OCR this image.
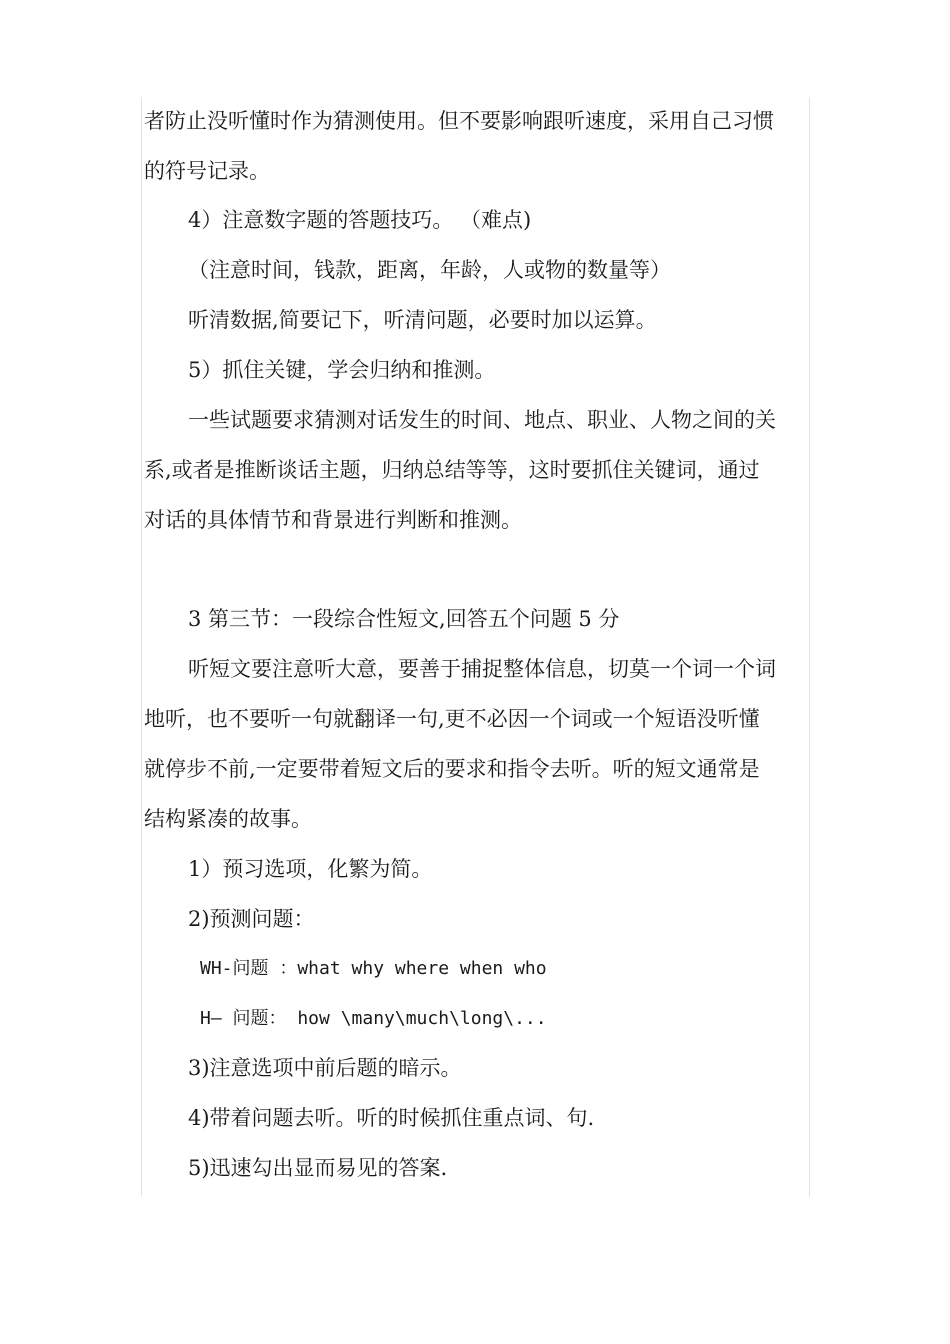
者防止没听懂时作为猜测使用。但不要影响跟听速度，采用自己习惯
的符号记录。
4）注意数字题的答题技巧。 （难点)
（注意时间，钱款，距离，年龄，人或物的数量等）
听清数据,简要记下，听清问题，必要时加以运算。
5）抓住关键，学会归纳和推测。
一些试题要求猜测对话发生的时间、地点、职业、人物之间的关
系,或者是推断谈话主题，归纳总结等等，这时要抓住关键词，通过
对话的具体情节和背景进行判断和推测。
3 第三节：一段综合性短文,回答五个问题 5 分
听短文要注意听大意，要善于捕捉整体信息，切莫一个词一个词
地听，也不要听一句就翻译一句,更不必因一个词或一个短语没听懂
就停步不前,一定要带着短文后的要求和指令去听。听的短文通常是
结构紧凑的故事。
1）预习选项，化繁为简。
2)预测问题：
WH-问题 ：what why where when who
H— 问题： how \many\much\long\...
3)注意选项中前后题的暗示。
4)带着问题去听。听的时候抓住重点词、句.
5)迅速勾出显而易见的答案.
